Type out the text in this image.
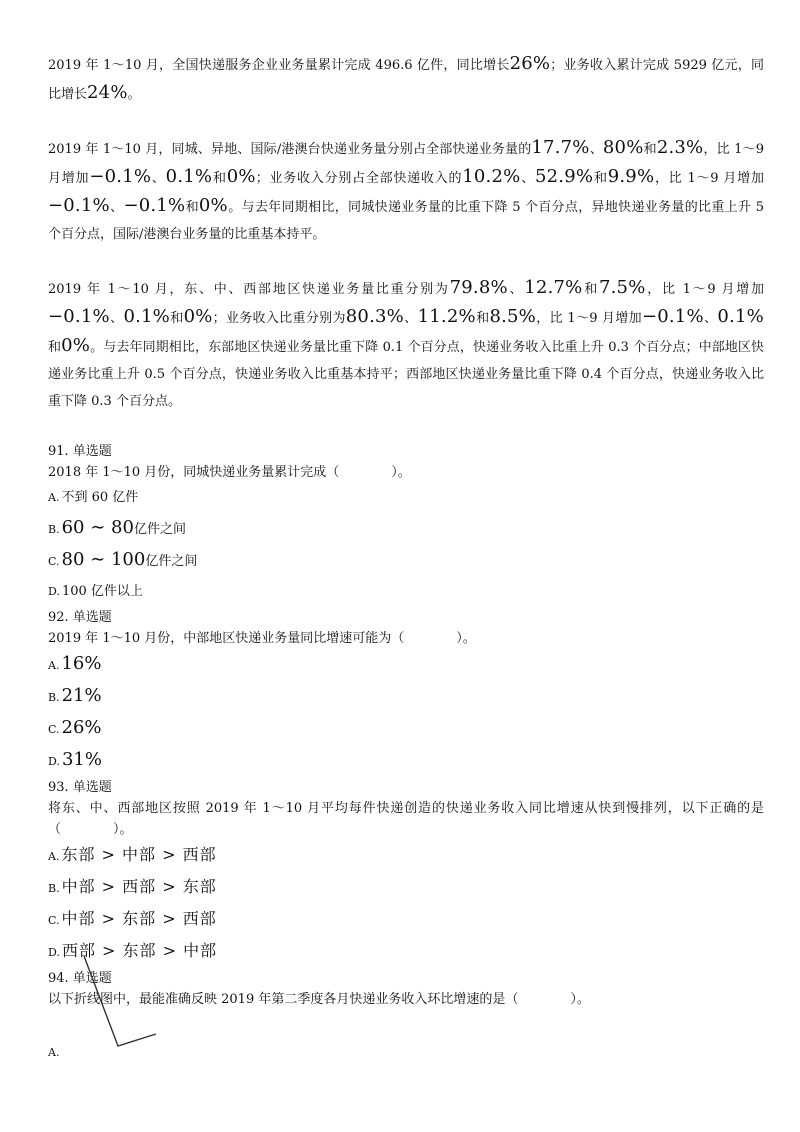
2019 年 1～10 月，全国快递服务企业业务量累计完成 496.6 亿件，同比增长26%；业务收入累计完成 5929 亿元，同比增长24%。

2019 年 1～10 月，同城、异地、国际/港澳台快递业务量分别占全部快递业务量的17.7%、80%和2.3%，比 1～9 月增加−0.1%、0.1%和0%；业务收入分别占全部快递收入的10.2%、52.9%和9.9%，比 1～9 月增加−0.1%、−0.1%和0%。与去年同期相比，同城快递业务量的比重下降 5 个百分点，异地快递业务量的比重上升 5 个百分点，国际/港澳台业务量的比重基本持平。

2019 年 1～10 月，东、中、西部地区快递业务量比重分别为79.8%、12.7%和7.5%，比 1～9 月增加−0.1%、0.1%和0%；业务收入比重分别为80.3%、11.2%和8.5%，比 1～9 月增加−0.1%、0.1%和0%。与去年同期相比，东部地区快递业务量比重下降 0.1 个百分点，快递业务收入比重上升 0.3 个百分点；中部地区快递业务比重上升 0.5 个百分点，快递业务收入比重基本持平；西部地区快递业务量比重下降 0.4 个百分点，快递业务收入比重下降 0.3 个百分点。

91. 单选题

2018 年 1～10 月份，同城快递业务量累计完成（　　　　）。

A. 不到 60 亿件
B. 60 ∼ 80 亿件之间
C. 80 ∼ 100 亿件之间
D. 100 亿件以上

92. 单选题

2019 年 1～10 月份，中部地区快递业务量同比增速可能为（　　　　）。

A. 16%
B. 21%
C. 26%
D. 31%

93. 单选题

将东、中、西部地区按照 2019 年 1～10 月平均每件快递创造的快递业务收入同比增速从快到慢排列，以下正确的是（　　　　）。

A. 东部 > 中部 > 西部
B. 中部 > 西部 > 东部
C. 中部 > 东部 > 西部
D. 西部 > 东部 > 中部

94. 单选题

以下折线图中，最能准确反映 2019 年第二季度各月快递业务收入环比增速的是（　　　　）。

A.
